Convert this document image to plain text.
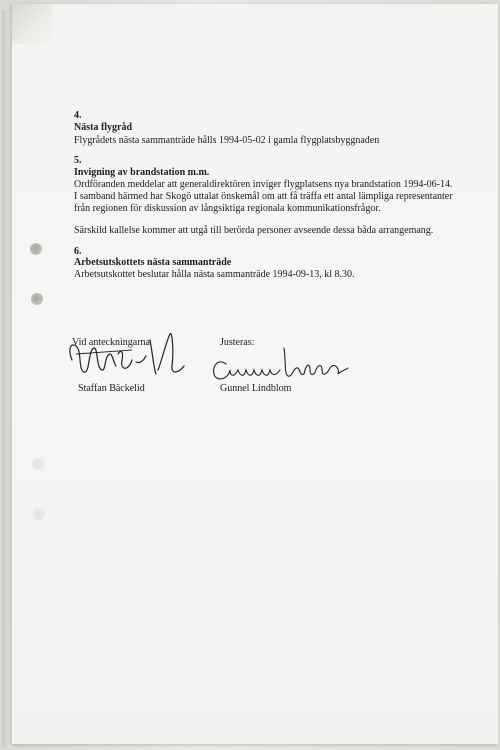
4.
Nästa flygråd
Flygrådets nästa sammanträde hålls 1994-05-02 i gamla flygplatsbyggnaden
5.
Invigning av brandstation m.m.
Ordföranden meddelar att generaldirektören inviger flygplatsens nya brandstation 1994-06-14.
I samband härmed har Skogö uttalat önskemål om att få träffa ett antal lämpliga representanter
från regionen för diskussion av långsiktiga regionala kommunikationsfrågor.
Särskild kallelse kommer att utgå till berörda personer avseende dessa båda arrangemang.
6.
Arbetsutskottets nästa sammanträde
Arbetsutskottet beslutar hålla nästa sammanträde 1994-09-13, kl 8.30.
Vid anteckningarna
Staffan Bäckelid
Justeras:
Gunnel Lindblom
